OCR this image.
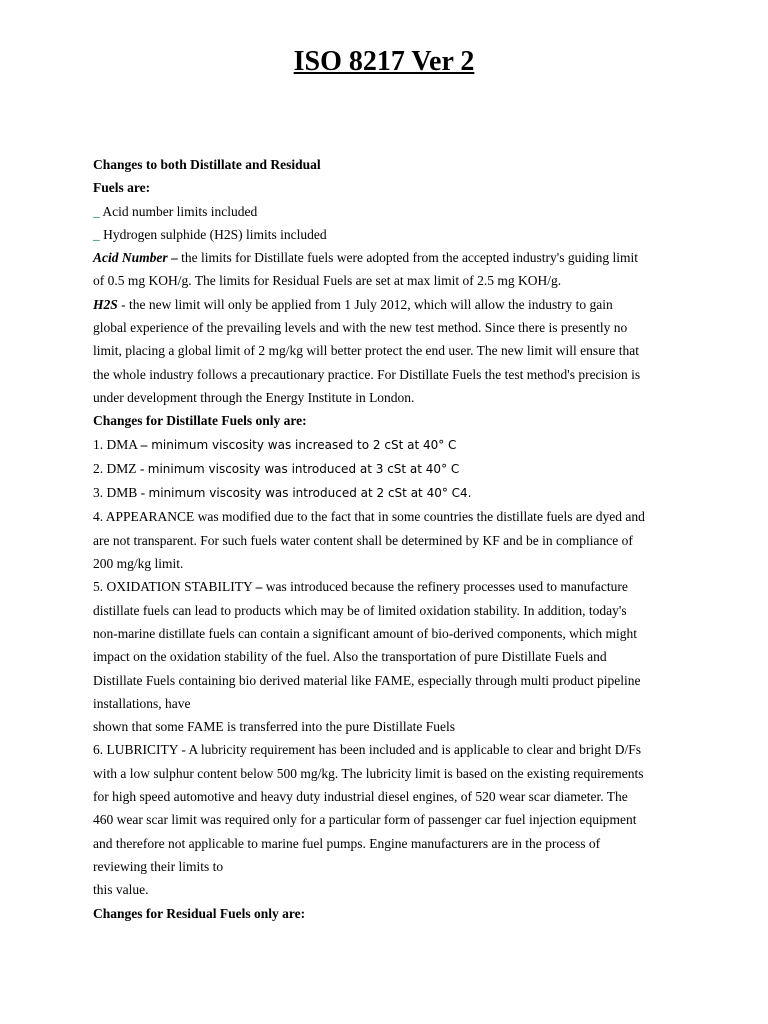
ISO 8217 Ver 2

Changes to both Distillate and Residual

Fuels are:

_ Acid number limits included

_ Hydrogen sulphide (H2S) limits included

Acid Number – the limits for Distillate fuels were adopted from the accepted industry's guiding limit

of 0.5 mg KOH/g. The limits for Residual Fuels are set at max limit of 2.5 mg KOH/g.

H2S - the new limit will only be applied from 1 July 2012, which will allow the industry to gain

global experience of the prevailing levels and with the new test method. Since there is presently no

limit, placing a global limit of 2 mg/kg will better protect the end user. The new limit will ensure that

the whole industry follows a precautionary practice. For Distillate Fuels the test method's precision is

under development through the Energy Institute in London.

Changes for Distillate Fuels only are:

1. DMA – minimum viscosity was increased to 2 cSt at 40° C

2. DMZ - minimum viscosity was introduced at 3 cSt at 40° C

3. DMB - minimum viscosity was introduced at 2 cSt at 40° C4.

4. APPEARANCE was modified due to the fact that in some countries the distillate fuels are dyed and

are not transparent. For such fuels water content shall be determined by KF and be in compliance of

200 mg/kg limit.

5. OXIDATION STABILITY – was introduced because the refinery processes used to manufacture

distillate fuels can lead to products which may be of limited oxidation stability. In addition, today's

non-marine distillate fuels can contain a significant amount of bio-derived components, which might

impact on the oxidation stability of the fuel. Also the transportation of pure Distillate Fuels and

Distillate Fuels containing bio derived material like FAME, especially through multi product pipeline

installations, have

shown that some FAME is transferred into the pure Distillate Fuels

6. LUBRICITY - A lubricity requirement has been included and is applicable to clear and bright D/Fs

with a low sulphur content below 500 mg/kg. The lubricity limit is based on the existing requirements

for high speed automotive and heavy duty industrial diesel engines, of 520 wear scar diameter. The

460 wear scar limit was required only for a particular form of passenger car fuel injection equipment

and therefore not applicable to marine fuel pumps. Engine manufacturers are in the process of

reviewing their limits to

this value.

Changes for Residual Fuels only are:
